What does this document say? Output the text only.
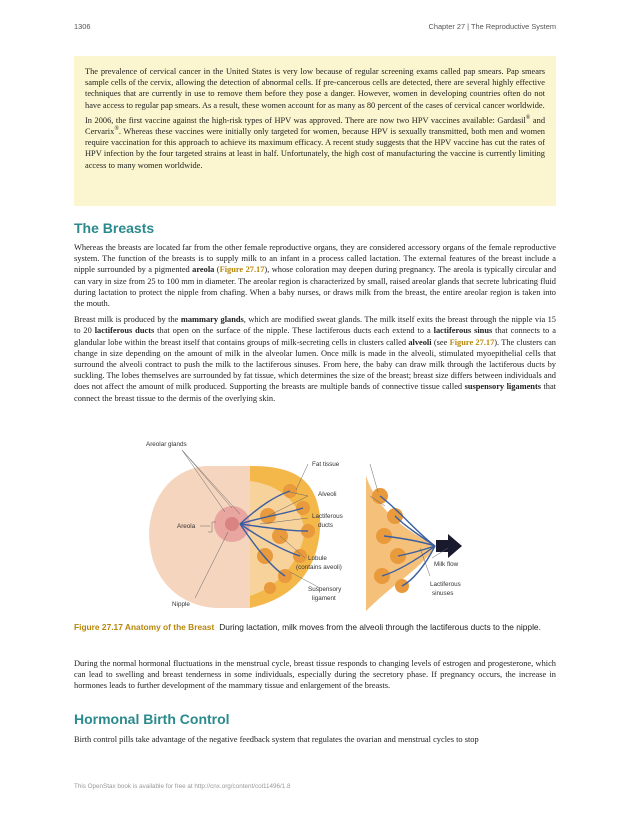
1306	Chapter 27 | The Reproductive System

The prevalence of cervical cancer in the United States is very low because of regular screening exams called pap smears. Pap smears sample cells of the cervix, allowing the detection of abnormal cells. If pre-cancerous cells are detected, there are several highly effective techniques that are currently in use to remove them before they pose a danger. However, women in developing countries often do not have access to regular pap smears. As a result, these women account for as many as 80 percent of the cases of cervical cancer worldwide.

In 2006, the first vaccine against the high-risk types of HPV was approved. There are now two HPV vaccines available: Gardasil® and Cervarix®. Whereas these vaccines were initially only targeted for women, because HPV is sexually transmitted, both men and women require vaccination for this approach to achieve its maximum efficacy. A recent study suggests that the HPV vaccine has cut the rates of HPV infection by the four targeted strains at least in half. Unfortunately, the high cost of manufacturing the vaccine is currently limiting access to many women worldwide.

The Breasts

Whereas the breasts are located far from the other female reproductive organs, they are considered accessory organs of the female reproductive system. The function of the breasts is to supply milk to an infant in a process called lactation. The external features of the breast include a nipple surrounded by a pigmented areola (Figure 27.17), whose coloration may deepen during pregnancy. The areola is typically circular and can vary in size from 25 to 100 mm in diameter. The areolar region is characterized by small, raised areolar glands that secrete lubricating fluid during lactation to protect the nipple from chafing. When a baby nurses, or draws milk from the breast, the entire areolar region is taken into the mouth.

Breast milk is produced by the mammary glands, which are modified sweat glands. The milk itself exits the breast through the nipple via 15 to 20 lactiferous ducts that open on the surface of the nipple. These lactiferous ducts each extend to a lactiferous sinus that connects to a glandular lobe within the breast itself that contains groups of milk-secreting cells in clusters called alveoli (see Figure 27.17). The clusters can change in size depending on the amount of milk in the alveolar lumen. Once milk is made in the alveoli, stimulated myoepithelial cells that surround the alveoli contract to push the milk to the lactiferous sinuses. From here, the baby can draw milk through the lactiferous ducts by suckling. The lobes themselves are surrounded by fat tissue, which determines the size of the breast; breast size differs between individuals and does not affect the amount of milk produced. Supporting the breasts are multiple bands of connective tissue called suspensory ligaments that connect the breast tissue to the dermis of the overlying skin.

Areolar glands
Areola
Nipple
Fat tissue
Alveoli
Lactiferous
ducts
Lobule
(contains aveoli)
Suspensory
ligament
Milk flow
Lactiferous
sinuses
Figure 27.17 Anatomy of the Breast During lactation, milk moves from the alveoli through the lactiferous ducts to the nipple.

During the normal hormonal fluctuations in the menstrual cycle, breast tissue responds to changing levels of estrogen and progesterone, which can lead to swelling and breast tenderness in some individuals, especially during the secretory phase. If pregnancy occurs, the increase in hormones leads to further development of the mammary tissue and enlargement of the breasts.

Hormonal Birth Control

Birth control pills take advantage of the negative feedback system that regulates the ovarian and menstrual cycles to stop

This OpenStax book is available for free at http://cnx.org/content/col11496/1.8
